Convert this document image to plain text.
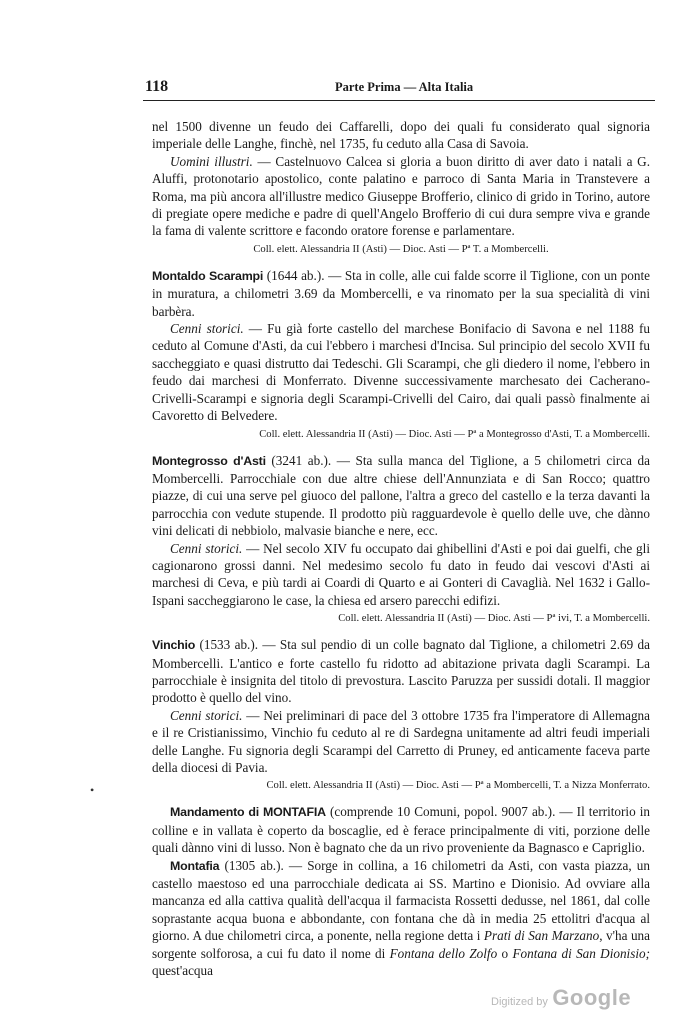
118	Parte Prima — Alta Italia
•

nel 1500 divenne un feudo dei Caffarelli, dopo dei quali fu considerato qual signoria imperiale delle Langhe, finchè, nel 1735, fu ceduto alla Casa di Savoia.

Uomini illustri. — Castelnuovo Calcea si gloria a buon diritto di aver dato i natali a G. Aluffi, protonotario apostolico, conte palatino e parroco di Santa Maria in Transtevere a Roma, ma più ancora all'illustre medico Giuseppe Brofferio, clinico di grido in Torino, autore di pregiate opere mediche e padre di quell'Angelo Brofferio di cui dura sempre viva e grande la fama di valente scrittore e facondo oratore forense e parlamentare.

Coll. elett. Alessandria II (Asti) — Dioc. Asti — Pª T. a Mombercelli.

Montaldo Scarampi (1644 ab.). — Sta in colle, alle cui falde scorre il Tiglione, con un ponte in muratura, a chilometri 3.69 da Mombercelli, e va rinomato per la sua specialità di vini barbèra.

Cenni storici. — Fu già forte castello del marchese Bonifacio di Savona e nel 1188 fu ceduto al Comune d'Asti, da cui l'ebbero i marchesi d'Incisa. Sul principio del secolo XVII fu saccheggiato e quasi distrutto dai Tedeschi. Gli Scarampi, che gli diedero il nome, l'ebbero in feudo dai marchesi di Monferrato. Divenne successivamente marchesato dei Cacherano-Crivelli-Scarampi e signoria degli Scarampi-Crivelli del Cairo, dai quali passò finalmente ai Cavoretto di Belvedere.

Coll. elett. Alessandria II (Asti) — Dioc. Asti — Pª a Montegrosso d'Asti, T. a Mombercelli.

Montegrosso d'Asti (3241 ab.). — Sta sulla manca del Tiglione, a 5 chilometri circa da Mombercelli. Parrocchiale con due altre chiese dell'Annunziata e di San Rocco; quattro piazze, di cui una serve pel giuoco del pallone, l'altra a greco del castello e la terza davanti la parrocchia con vedute stupende. Il prodotto più ragguardevole è quello delle uve, che dànno vini delicati di nebbiolo, malvasie bianche e nere, ecc.

Cenni storici. — Nel secolo XIV fu occupato dai ghibellini d'Asti e poi dai guelfi, che gli cagionarono grossi danni. Nel medesimo secolo fu dato in feudo dai vescovi d'Asti ai marchesi di Ceva, e più tardi ai Coardi di Quarto e ai Gonteri di Cavaglià. Nel 1632 i Gallo-Ispani saccheggiarono le case, la chiesa ed arsero parecchi edifizi.

Coll. elett. Alessandria II (Asti) — Dioc. Asti — Pª ivi, T. a Mombercelli.

Vinchio (1533 ab.). — Sta sul pendio di un colle bagnato dal Tiglione, a chilometri 2.69 da Mombercelli. L'antico e forte castello fu ridotto ad abitazione privata dagli Scarampi. La parrocchiale è insignita del titolo di prevostura. Lascito Paruzza per sussidi dotali. Il maggior prodotto è quello del vino.

Cenni storici. — Nei preliminari di pace del 3 ottobre 1735 fra l'imperatore di Allemagna e il re Cristianissimo, Vinchio fu ceduto al re di Sardegna unitamente ad altri feudi imperiali delle Langhe. Fu signoria degli Scarampi del Carretto di Pruney, ed anticamente faceva parte della diocesi di Pavia.

Coll. elett. Alessandria II (Asti) — Dioc. Asti — Pª a Mombercelli, T. a Nizza Monferrato.

Mandamento di MONTAFIA (comprende 10 Comuni, popol. 9007 ab.). — Il territorio in colline e in vallata è coperto da boscaglie, ed è ferace principalmente di viti, porzione delle quali dànno vini di lusso. Non è bagnato che da un rivo proveniente da Bagnasco e Capriglio.

Montafia (1305 ab.). — Sorge in collina, a 16 chilometri da Asti, con vasta piazza, un castello maestoso ed una parrocchiale dedicata ai SS. Martino e Dionisio. Ad ovviare alla mancanza ed alla cattiva qualità dell'acqua il farmacista Rossetti dedusse, nel 1861, dal colle soprastante acqua buona e abbondante, con fontana che dà in media 25 ettolitri d'acqua al giorno. A due chilometri circa, a ponente, nella regione detta i Prati di San Marzano, v'ha una sorgente solforosa, a cui fu dato il nome di Fontana dello Zolfo o Fontana di San Dionisio; quest'acqua

Digitized by Google
